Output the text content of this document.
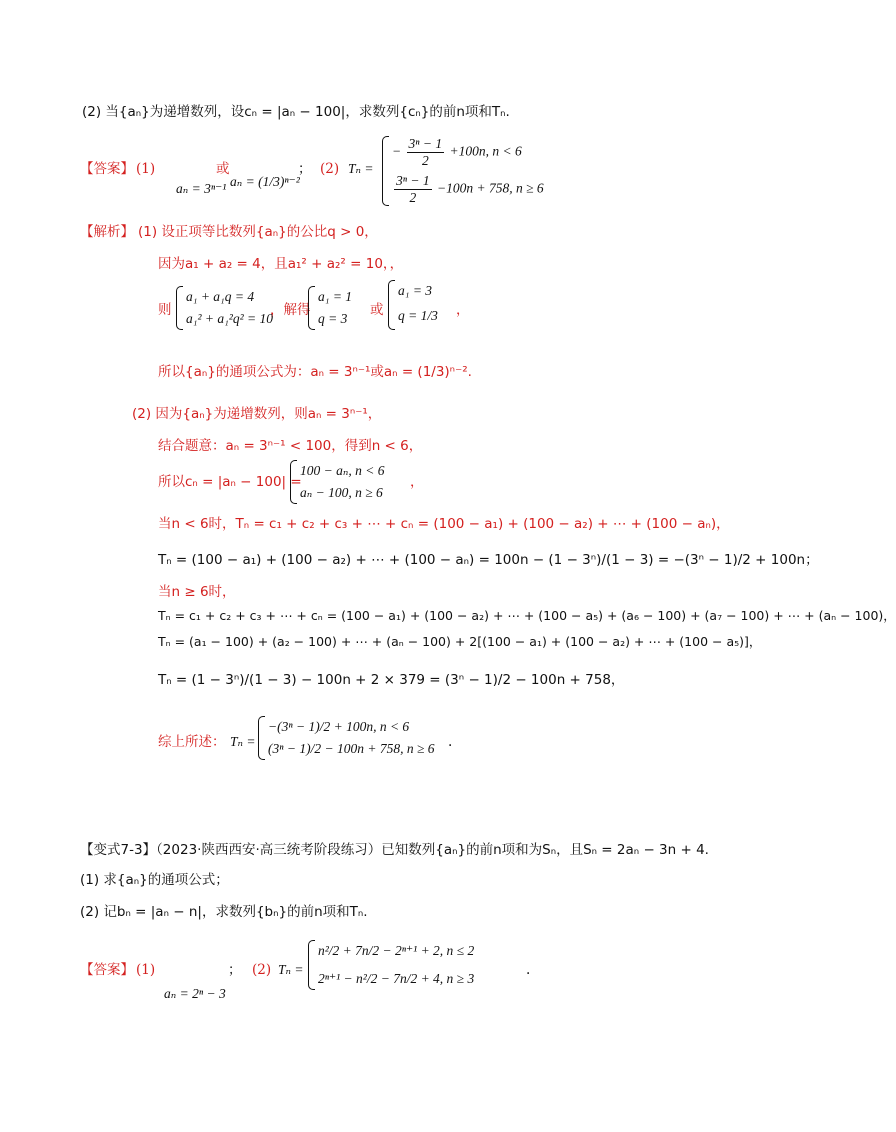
(2) 当{aₙ}为递增数列，设cₙ = |aₙ − 100|，求数列{cₙ}的前n项和Tₙ.
【答案】 (1)	或
aₙ = 3ⁿ⁻¹ aₙ = (1/3)ⁿ⁻²
； (2) Tₙ =
− $\frac{\text{3ⁿ − 1}}{2} +100n$, n < 6
$\frac{\text{3ⁿ − 1}}{2} -100n + 758$, n ≥ 6
【解析】 (1) 设正项等比数列{aₙ}的公比q > 0，
因为a₁ + a₂ = 4，且a₁² + a₂² = 10，，
则
a₁ + a₁q = 4
a₁² + a₁²q² = 10
，解得
a₁ = 1
q = 3
或
a₁ = 3
q = 1/3 ，
所以{aₙ}的通项公式为：aₙ = 3ⁿ⁻¹或aₙ = (1/3)ⁿ⁻².
(2) 因为{aₙ}为递增数列，则aₙ = 3ⁿ⁻¹，
结合题意：aₙ = 3ⁿ⁻¹ < 100，得到n < 6，
所以cₙ = |aₙ − 100| =
100 − aₙ, n < 6
aₙ − 100, n ≥ 6
，
当n < 6时，Tₙ = c₁ + c₂ + c₃ + ⋯ + cₙ = (100 − a₁) + (100 − a₂) + ⋯ + (100 − aₙ)，
Tₙ = (100 − a₁) + (100 − a₂) + ⋯ + (100 − aₙ) = 100n − (1 − 3ⁿ)/(1 − 3) = −(3ⁿ − 1)/2 + 100n；
当n ≥ 6时，
Tₙ = c₁ + c₂ + c₃ + ⋯ + cₙ = (100 − a₁) + (100 − a₂) + ⋯ + (100 − a₅) + (a₆ − 100) + (a₇ − 100) + ⋯ + (aₙ − 100)，
Tₙ = (a₁ − 100) + (a₂ − 100) + ⋯ + (aₙ − 100) + 2[(100 − a₁) + (100 − a₂) + ⋯ + (100 − a₅)]，
Tₙ = (1 − 3ⁿ)/(1 − 3) − 100n + 2 × 379 = (3ⁿ − 1)/2 − 100n + 758，
综上所述： Tₙ =
−(3ⁿ − 1)/2 + 100n, n < 6
(3ⁿ − 1)/2 − 100n + 758, n ≥ 6 .
【变式7-3】（2023·陕西西安·高三统考阶段练习）已知数列{aₙ}的前n项和为Sₙ，且Sₙ = 2aₙ − 3n + 4.
(1) 求{aₙ}的通项公式；
(2) 记bₙ = |aₙ − n|，求数列{bₙ}的前n项和Tₙ.
【答案】 (1)
aₙ = 2ⁿ − 3
； (2) Tₙ =
n²/2 + 7n/2 − 2ⁿ⁺¹ + 2, n ≤ 2
2ⁿ⁺¹ − n²/2 − 7n/2 + 4, n ≥ 3
.
